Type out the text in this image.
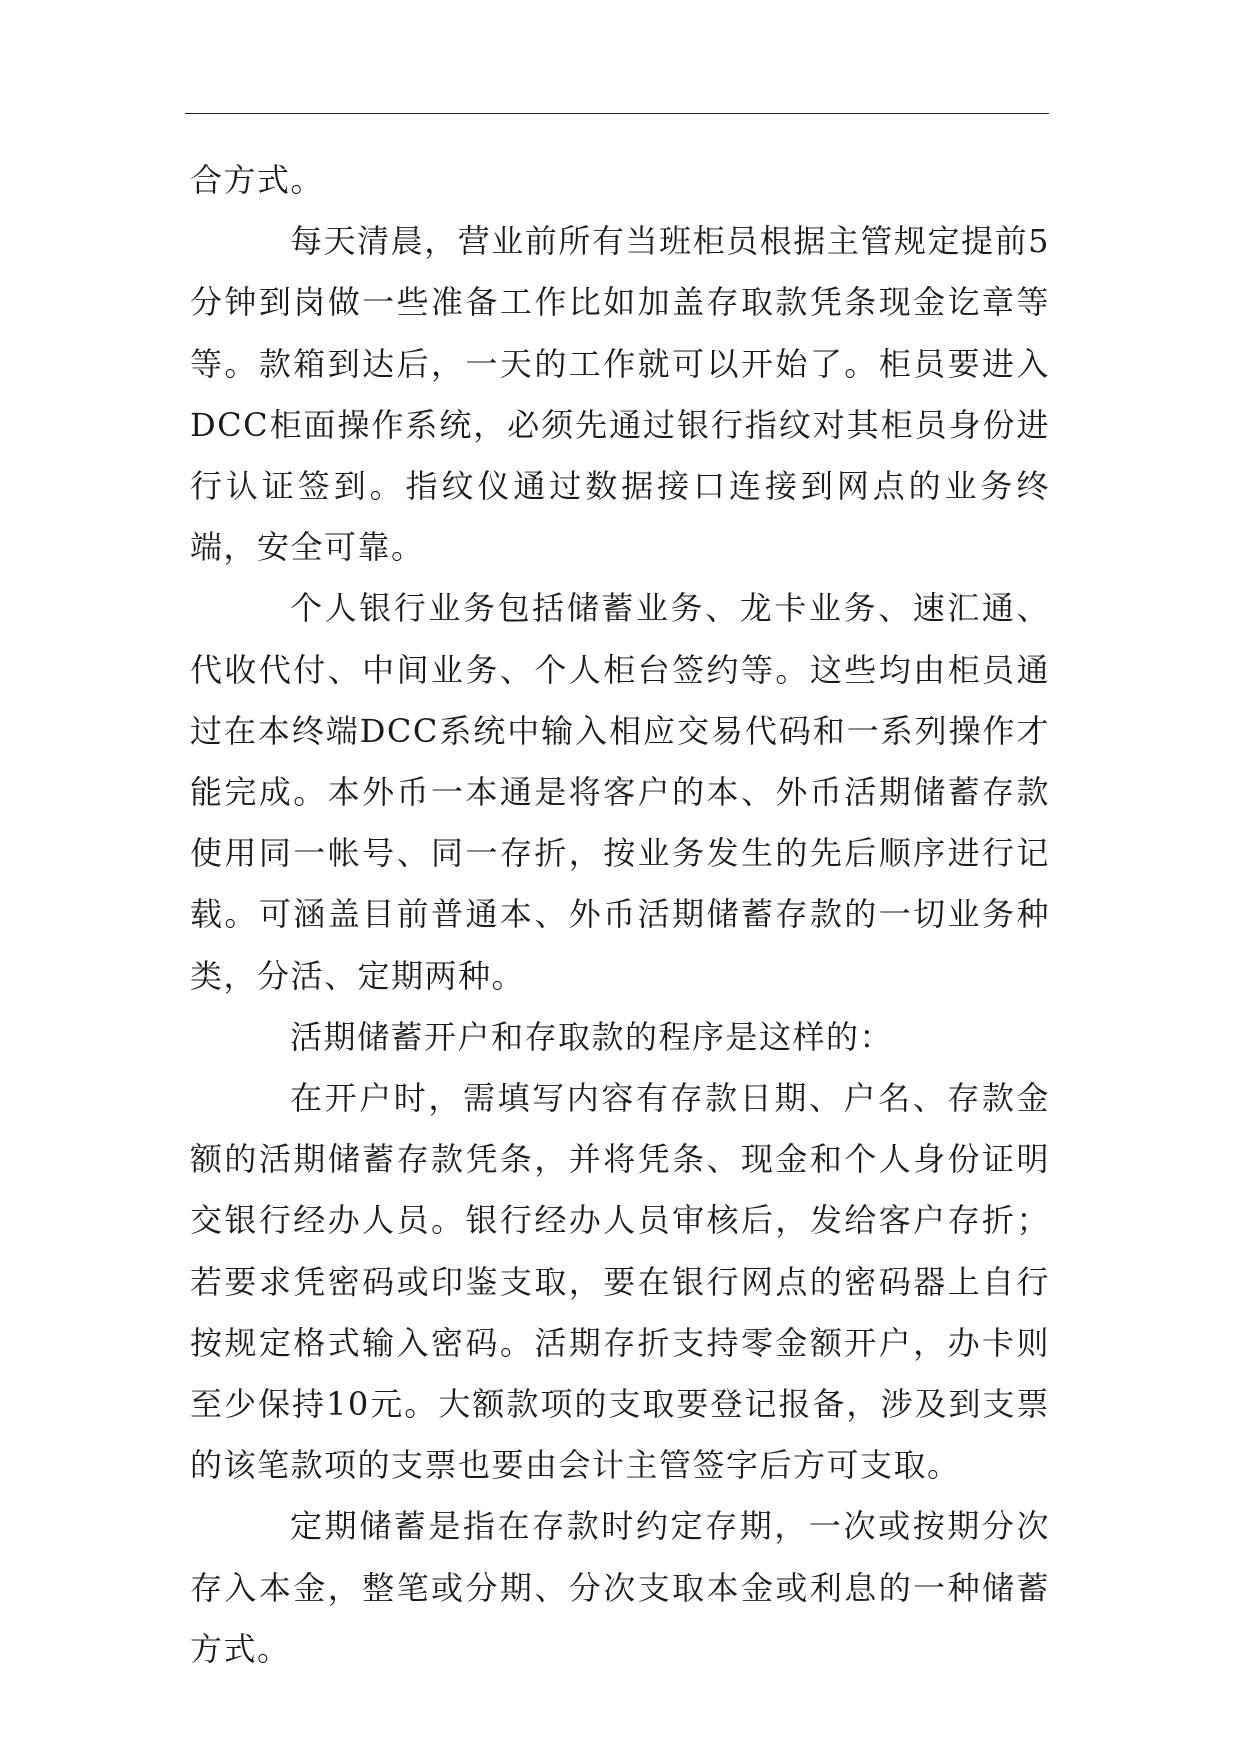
合方式。

每天清晨，营业前所有当班柜员根据主管规定提前5分钟到岗做一些准备工作比如加盖存取款凭条现金讫章等等。款箱到达后，一天的工作就可以开始了。柜员要进入DCC柜面操作系统，必须先通过银行指纹对其柜员身份进行认证签到。指纹仪通过数据接口连接到网点的业务终端，安全可靠。

个人银行业务包括储蓄业务、龙卡业务、速汇通、代收代付、中间业务、个人柜台签约等。这些均由柜员通过在本终端DCC系统中输入相应交易代码和一系列操作才能完成。本外币一本通是将客户的本、外币活期储蓄存款使用同一帐号、同一存折，按业务发生的先后顺序进行记载。可涵盖目前普通本、外币活期储蓄存款的一切业务种类，分活、定期两种。

活期储蓄开户和存取款的程序是这样的：

在开户时，需填写内容有存款日期、户名、存款金额的活期储蓄存款凭条，并将凭条、现金和个人身份证明交银行经办人员。银行经办人员审核后，发给客户存折；若要求凭密码或印鉴支取，要在银行网点的密码器上自行按规定格式输入密码。活期存折支持零金额开户，办卡则至少保持10元。大额款项的支取要登记报备，涉及到支票的该笔款项的支票也要由会计主管签字后方可支取。

定期储蓄是指在存款时约定存期，一次或按期分次存入本金，整笔或分期、分次支取本金或利息的一种储蓄方式。
